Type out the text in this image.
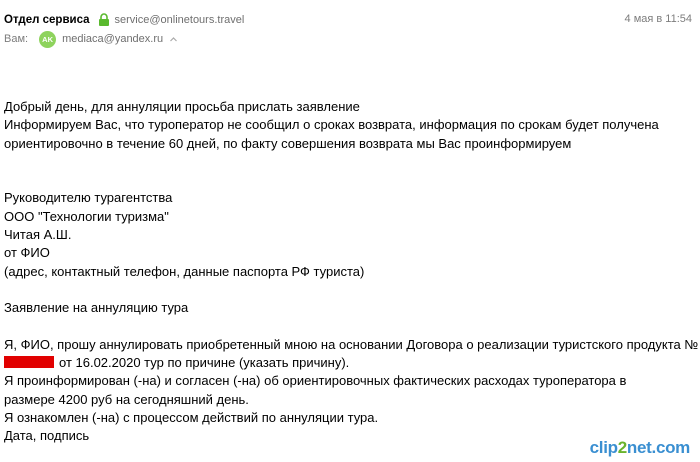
Отдел сервиса service@onlinetours.travel	4 мая в 11:54
Вам:	AK mediaca@yandex.ru
Добрый день, для аннуляции просьба прислать заявление
Информируем Вас, что туроператор не сообщил о сроках возврата, информация по срокам будет получена
ориентировочно в течение 60 дней, по факту совершения возврата мы Вас проинформируем
Руководителю турагентства
ООО "Технологии туризма"
Читая А.Ш.
от ФИО
(адрес, контактный телефон, данные паспорта РФ туриста)
Заявление на аннуляцию тура
Я, ФИО, прошу аннулировать приобретенный мною на основании Договора о реализации туристского продукта №
от 16.02.2020 тур по причине (указать причину).
Я проинформирован (-на) и согласен (-на) об ориентировочных фактических расходах туроператора в
размере 4200 руб на сегодняшний день.
Я ознакомлен (-на) с процессом действий по аннуляции тура.
Дата, подпись
clip2net.com
